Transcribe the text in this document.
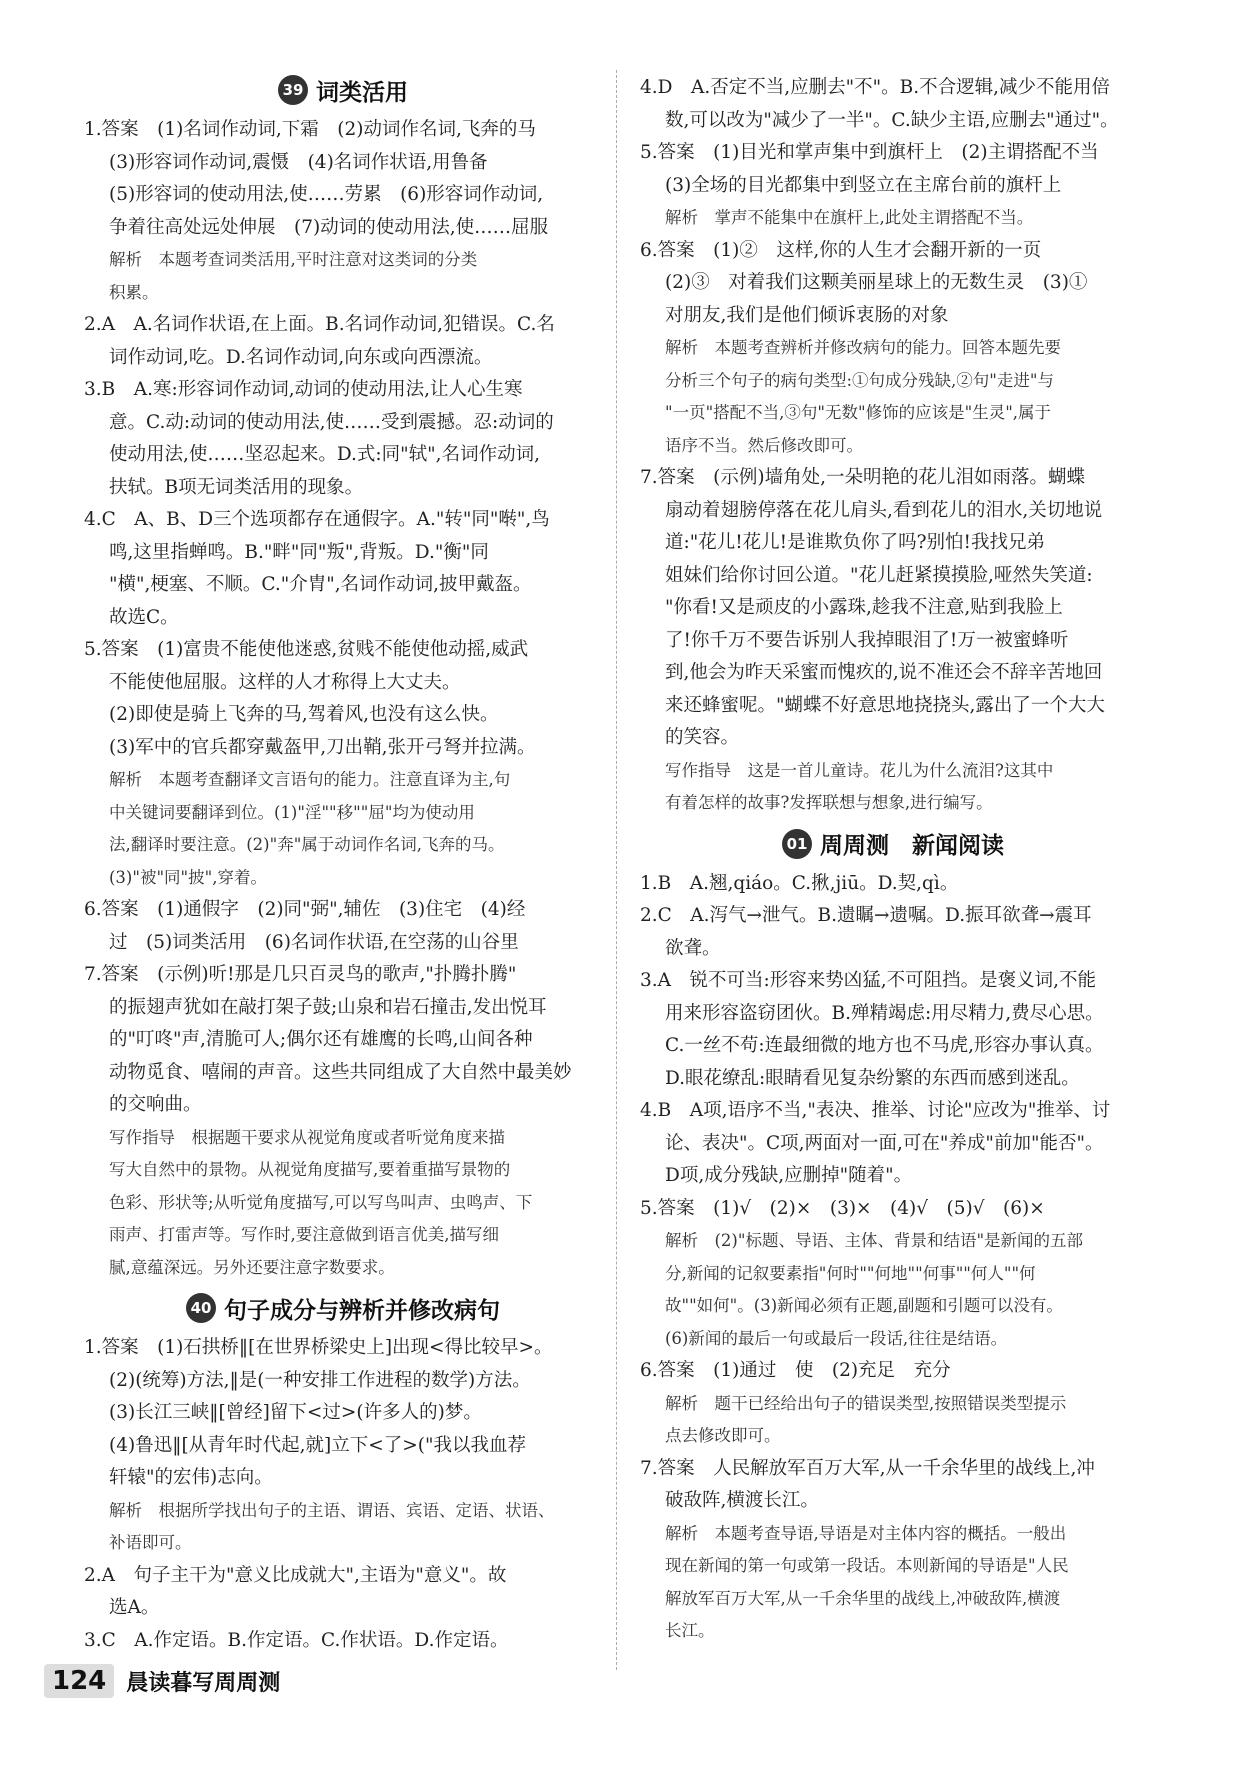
39 词类活用

1.答案　(1)名词作动词,下霜　(2)动词作名词,飞奔的马

(3)形容词作动词,震慑　(4)名词作状语,用鲁备

(5)形容词的使动用法,使……劳累　(6)形容词作动词,

争着往高处远处伸展　(7)动词的使动用法,使……屈服

解析　本题考查词类活用,平时注意对这类词的分类

积累。

2.A　A.名词作状语,在上面。B.名词作动词,犯错误。C.名

词作动词,吃。D.名词作动词,向东或向西漂流。

3.B　A.寒:形容词作动词,动词的使动用法,让人心生寒

意。C.动:动词的使动用法,使……受到震撼。忍:动词的

使动用法,使……坚忍起来。D.式:同"轼",名词作动词,

扶轼。B项无词类活用的现象。

4.C　A、B、D三个选项都存在通假字。A."转"同"啭",鸟

鸣,这里指蝉鸣。B."畔"同"叛",背叛。D."衡"同

"横",梗塞、不顺。C."介胄",名词作动词,披甲戴盔。

故选C。

5.答案　(1)富贵不能使他迷惑,贫贱不能使他动摇,威武

不能使他屈服。这样的人才称得上大丈夫。

(2)即使是骑上飞奔的马,驾着风,也没有这么快。

(3)军中的官兵都穿戴盔甲,刀出鞘,张开弓弩并拉满。

解析　本题考查翻译文言语句的能力。注意直译为主,句

中关键词要翻译到位。(1)"淫""移""屈"均为使动用

法,翻译时要注意。(2)"奔"属于动词作名词,飞奔的马。

(3)"被"同"披",穿着。

6.答案　(1)通假字　(2)同"弼",辅佐　(3)住宅　(4)经

过　(5)词类活用　(6)名词作状语,在空荡的山谷里

7.答案　(示例)听!那是几只百灵鸟的歌声,"扑腾扑腾"

的振翅声犹如在敲打架子鼓;山泉和岩石撞击,发出悦耳

的"叮咚"声,清脆可人;偶尔还有雄鹰的长鸣,山间各种

动物觅食、嘻闹的声音。这些共同组成了大自然中最美妙

的交响曲。

写作指导　根据题干要求从视觉角度或者听觉角度来描

写大自然中的景物。从视觉角度描写,要着重描写景物的

色彩、形状等;从听觉角度描写,可以写鸟叫声、虫鸣声、下

雨声、打雷声等。写作时,要注意做到语言优美,描写细

腻,意蕴深远。另外还要注意字数要求。

40 句子成分与辨析并修改病句

1.答案　(1)石拱桥‖[在世界桥梁史上]出现<得比较早>。

(2)(统筹)方法,‖是(一种安排工作进程的数学)方法。

(3)长江三峡‖[曾经]留下<过>(许多人的)梦。

(4)鲁迅‖[从青年时代起,就]立下<了>("我以我血荐

轩辕"的宏伟)志向。

解析　根据所学找出句子的主语、谓语、宾语、定语、状语、

补语即可。

2.A　句子主干为"意义比成就大",主语为"意义"。故

选A。

3.C　A.作定语。B.作定语。C.作状语。D.作定语。

4.D　A.否定不当,应删去"不"。B.不合逻辑,减少不能用倍

数,可以改为"减少了一半"。C.缺少主语,应删去"通过"。

5.答案　(1)目光和掌声集中到旗杆上　(2)主谓搭配不当

(3)全场的目光都集中到竖立在主席台前的旗杆上

解析　掌声不能集中在旗杆上,此处主谓搭配不当。

6.答案　(1)②　这样,你的人生才会翻开新的一页

(2)③　对着我们这颗美丽星球上的无数生灵　(3)①

对朋友,我们是他们倾诉衷肠的对象

解析　本题考查辨析并修改病句的能力。回答本题先要

分析三个句子的病句类型:①句成分残缺,②句"走进"与

"一页"搭配不当,③句"无数"修饰的应该是"生灵",属于

语序不当。然后修改即可。

7.答案　(示例)墙角处,一朵明艳的花儿泪如雨落。蝴蝶

扇动着翅膀停落在花儿肩头,看到花儿的泪水,关切地说

道:"花儿!花儿!是谁欺负你了吗?别怕!我找兄弟

姐妹们给你讨回公道。"花儿赶紧摸摸脸,哑然失笑道:

"你看!又是顽皮的小露珠,趁我不注意,贴到我脸上

了!你千万不要告诉别人我掉眼泪了!万一被蜜蜂听

到,他会为昨天采蜜而愧疚的,说不准还会不辞辛苦地回

来还蜂蜜呢。"蝴蝶不好意思地挠挠头,露出了一个大大

的笑容。

写作指导　这是一首儿童诗。花儿为什么流泪?这其中

有着怎样的故事?发挥联想与想象,进行编写。

01 周周测　新闻阅读

1.B　A.翘,qiáo。C.揪,jiū。D.契,qì。

2.C　A.泻气→泄气。B.遗瞩→遗嘱。D.振耳欲聋→震耳

欲聋。

3.A　锐不可当:形容来势凶猛,不可阻挡。是褒义词,不能

用来形容盗窃团伙。B.殚精竭虑:用尽精力,费尽心思。

C.一丝不苟:连最细微的地方也不马虎,形容办事认真。

D.眼花缭乱:眼睛看见复杂纷繁的东西而感到迷乱。

4.B　A项,语序不当,"表决、推举、讨论"应改为"推举、讨

论、表决"。C项,两面对一面,可在"养成"前加"能否"。

D项,成分残缺,应删掉"随着"。

5.答案　(1)√　(2)×　(3)×　(4)√　(5)√　(6)×

解析　(2)"标题、导语、主体、背景和结语"是新闻的五部

分,新闻的记叙要素指"何时""何地""何事""何人""何

故""如何"。(3)新闻必须有正题,副题和引题可以没有。

(6)新闻的最后一句或最后一段话,往往是结语。

6.答案　(1)通过　使　(2)充足　充分

解析　题干已经给出句子的错误类型,按照错误类型提示

点去修改即可。

7.答案　人民解放军百万大军,从一千余华里的战线上,冲

破敌阵,横渡长江。

解析　本题考查导语,导语是对主体内容的概括。一般出

现在新闻的第一句或第一段话。本则新闻的导语是"人民

解放军百万大军,从一千余华里的战线上,冲破敌阵,横渡

长江。

124 晨读暮写周周测
